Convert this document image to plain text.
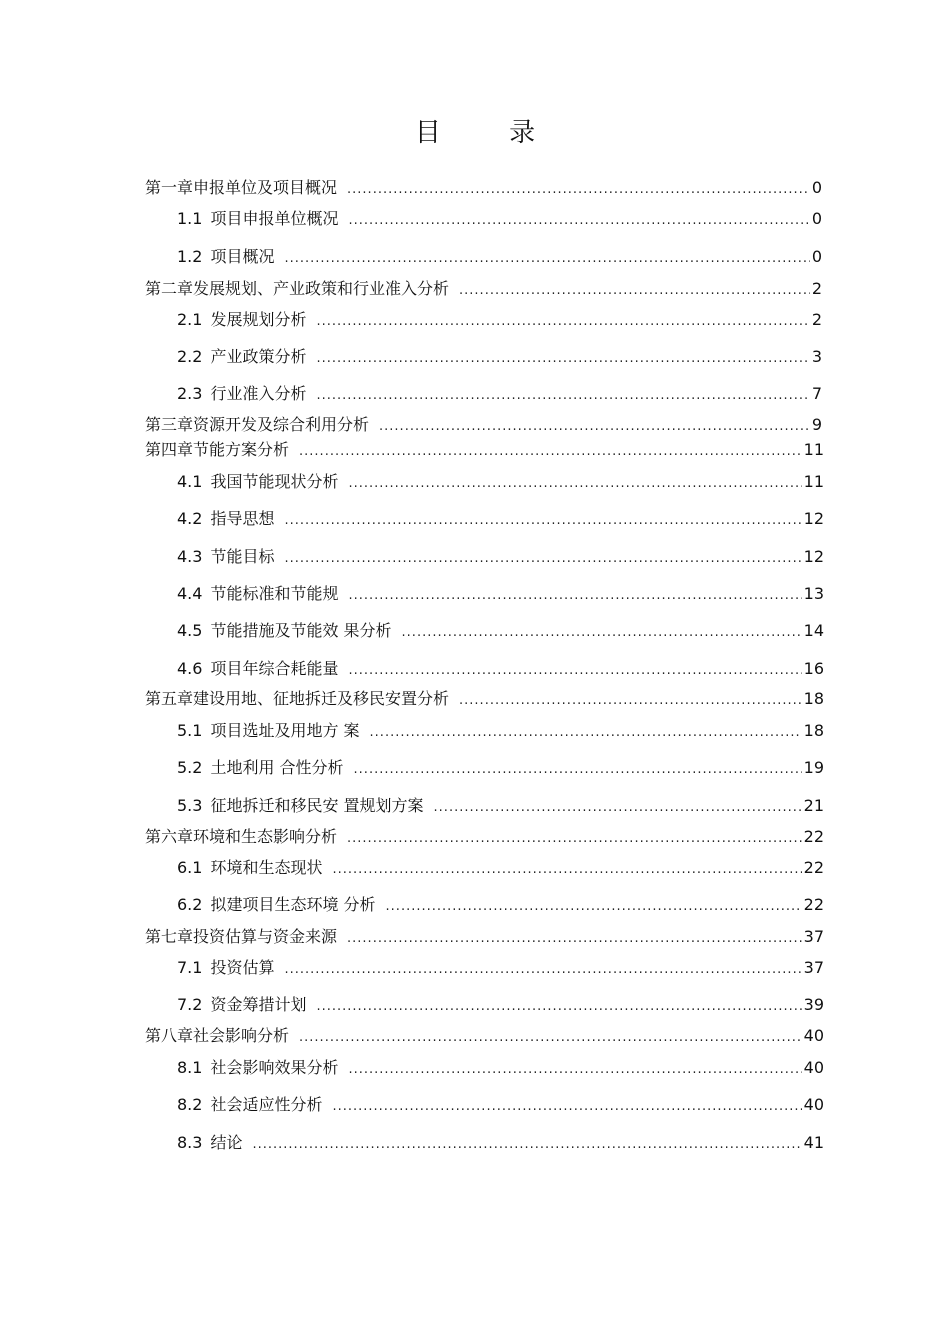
目 录
第一章 申报单位及项目概况 .....	0
1.1 项目申报单位概况 .....	0
1.2 项目概况 .....	0
第二章 发展规划、产业政策和行业准入分析 .....	2
2.1 发展规划分析 .....	2
2.2 产业政策分析 .....	3
2.3 行业准入分析 .....	7
第三章 资源开发及综合利用分析 .....	9
第四章 节能方案分析 .....	11
4.1 我国节能现状分析 .....	11
4.2 指导思想 .....	12
4.3 节能目标 .....	12
4.4 节能标准和节能规 .....	13
4.5 节能措施及节能效 果分析 .....	14
4.6 项目年综合耗能量 .....	16
第五章 建设用地、征地拆迁及移民安置分析 .....	18
5.1 项目选址及用地方 案 .....	18
5.2 土地利用 合性分析 .....	19
5.3 征地拆迁和移民安 置规划方案 .....	21
第六章 环境和生态影响分析 .....	22
6.1 环境和生态现状 .....	22
6.2 拟建项目生态环境 分析 .....	22
第七章 投资估算与资金来源 .....	37
7.1 投资估算 .....	37
7.2 资金筹措计划 .....	39
第八章 社会影响分析 .....	40
8.1 社会影响效果分析 .....	40
8.2 社会适应性分析 .....	40
8.3 结论 .....	41
